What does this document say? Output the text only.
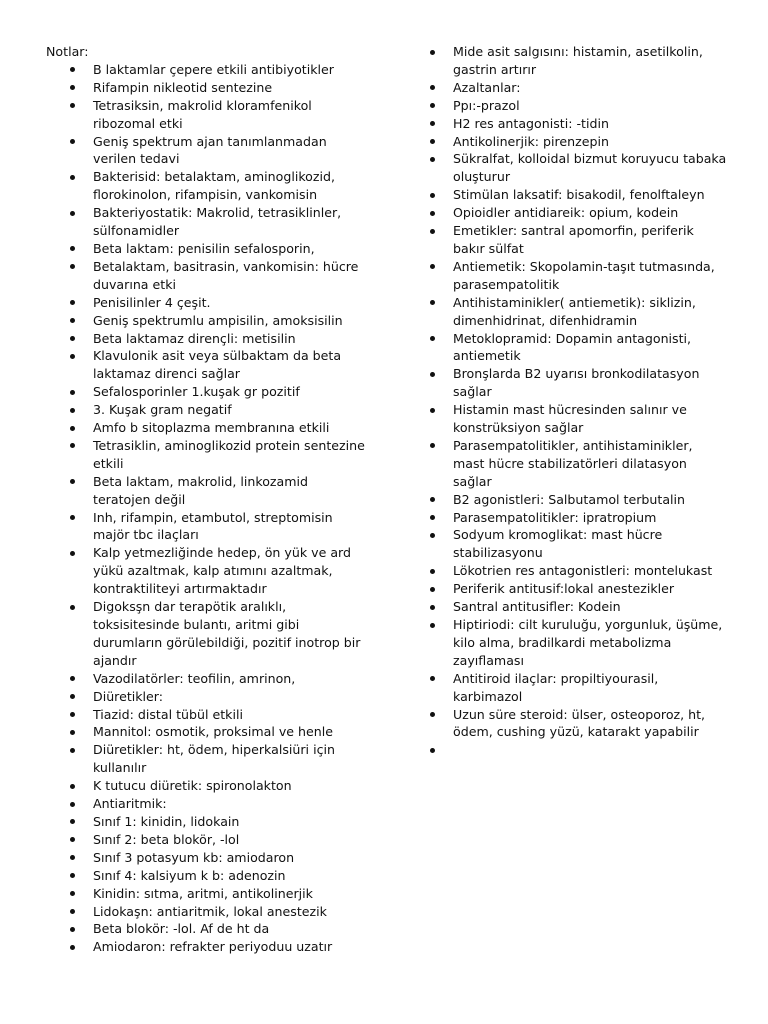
Notlar:

B laktamlar çepere etkili antibiyotikler
Rifampin nikleotid sentezine
Tetrasiksin, makrolid kloramfenikol ribozomal etki
Geniş spektrum ajan tanımlanmadan verilen tedavi
Bakterisid: betalaktam, aminoglikozid, florokinolon, rifampisin, vankomisin
Bakteriyostatik: Makrolid, tetrasiklinler, sülfonamidler
Beta laktam: penisilin sefalosporin,
Betalaktam, basitrasin, vankomisin: hücre duvarına etki
Penisilinler 4 çeşit.
Geniş spektrumlu ampisilin, amoksisilin
Beta laktamaz dirençli: metisilin
Klavulonik asit veya sülbaktam da beta laktamaz direnci sağlar
Sefalosporinler 1.kuşak gr pozitif
3. Kuşak gram negatif
Amfo b sitoplazma membranına etkili
Tetrasiklin, aminoglikozid protein sentezine etkili
Beta laktam, makrolid, linkozamid teratojen değil
Inh, rifampin, etambutol, streptomisin majör tbc ilaçları
Kalp yetmezliğinde hedep, ön yük ve ard yükü azaltmak, kalp atımını azaltmak, kontraktiliteyi artırmaktadır
Digoksşn dar terapötik aralıklı, toksisitesinde bulantı, aritmi gibi durumların görülebildiği, pozitif inotrop bir ajandır
Vazodilatörler: teofilin, amrinon,
Diüretikler:
Tiazid: distal tübül etkili
Mannitol: osmotik, proksimal ve henle
Diüretikler: ht, ödem, hiperkalsiüri için kullanılır
K tutucu diüretik: spironolakton
Antiaritmik:
Sınıf 1: kinidin, lidokain
Sınıf 2: beta blokör, -lol
Sınıf 3 potasyum kb: amiodaron
Sınıf 4: kalsiyum k b: adenozin
Kinidin: sıtma, aritmi, antikolinerjik
Lidokaşn: antiaritmik, lokal anestezik
Beta blokör: -lol. Af de ht da
Amiodaron: refrakter periyoduu uzatır
Mide asit salgısını: histamin, asetilkolin, gastrin artırır
Azaltanlar:
Ppı:-prazol
H2 res antagonisti: -tidin
Antikolinerjik: pirenzepin
Sükralfat, kolloidal bizmut koruyucu tabaka oluşturur
Stimülan laksatif: bisakodil, fenolftaleyn
Opioidler antidiareik: opium, kodein
Emetikler: santral apomorfin, periferik bakır sülfat
Antiemetik: Skopolamin-taşıt tutmasında, parasempatolitik
Antihistaminikler( antiemetik): siklizin, dimenhidrinat, difenhidramin
Metoklopramid: Dopamin antagonisti, antiemetik
Bronşlarda B2 uyarısı bronkodilatasyon sağlar
Histamin mast hücresinden salınır ve konstrüksiyon sağlar
Parasempatolitikler, antihistaminikler, mast hücre stabilizatörleri dilatasyon sağlar
B2 agonistleri: Salbutamol terbutalin
Parasempatolitikler: ipratropium
Sodyum kromoglikat: mast hücre stabilizasyonu
Lökotrien res antagonistleri: montelukast
Periferik antitusif:lokal anestezikler
Santral antitusifler: Kodein
Hiptiriodi: cilt kuruluğu, yorgunluk, üşüme, kilo alma, bradilkardi metabolizma zayıflaması
Antitiroid ilaçlar: propiltiyourasil, karbimazol
Uzun süre steroid: ülser, osteoporoz, ht, ödem, cushing yüzü, katarakt yapabilir
